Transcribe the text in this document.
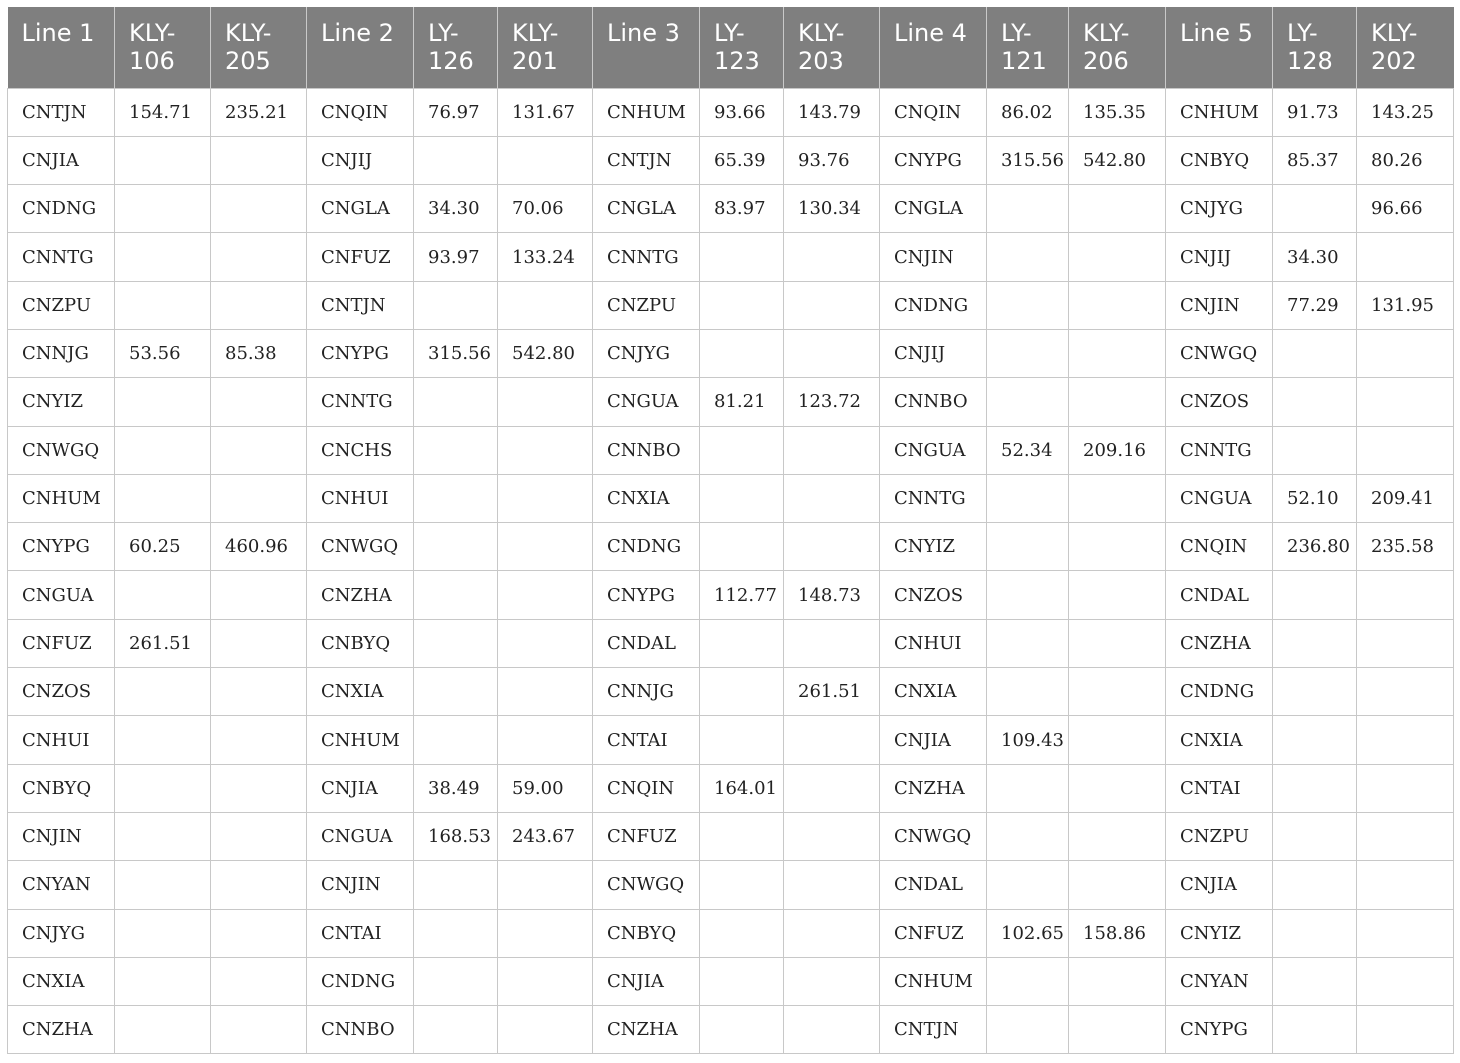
Line 1	KLY-106	KLY-205	Line 2	LY-126	KLY-201	Line 3	LY-123	KLY-203	Line 4	LY-121	KLY-206	Line 5	LY-128	KLY-202
CNTJN	154.71	235.21	CNQIN	76.97	131.67	CNHUM	93.66	143.79	CNQIN	86.02	135.35	CNHUM	91.73	143.25
CNJIA			CNJIJ			CNTJN	65.39	93.76	CNYPG	315.56	542.80	CNBYQ	85.37	80.26
CNDNG			CNGLA	34.30	70.06	CNGLA	83.97	130.34	CNGLA			CNJYG		96.66
CNNTG			CNFUZ	93.97	133.24	CNNTG			CNJIN			CNJIJ	34.30	
CNZPU			CNTJN			CNZPU			CNDNG			CNJIN	77.29	131.95
CNNJG	53.56	85.38	CNYPG	315.56	542.80	CNJYG			CNJIJ			CNWGQ		
CNYIZ			CNNTG			CNGUA	81.21	123.72	CNNBO			CNZOS		
CNWGQ			CNCHS			CNNBO			CNGUA	52.34	209.16	CNNTG		
CNHUM			CNHUI			CNXIA			CNNTG			CNGUA	52.10	209.41
CNYPG	60.25	460.96	CNWGQ			CNDNG			CNYIZ			CNQIN	236.80	235.58
CNGUA			CNZHA			CNYPG	112.77	148.73	CNZOS			CNDAL		
CNFUZ	261.51		CNBYQ			CNDAL			CNHUI			CNZHA		
CNZOS			CNXIA			CNNJG		261.51	CNXIA			CNDNG		
CNHUI			CNHUM			CNTAI			CNJIA	109.43		CNXIA		
CNBYQ			CNJIA	38.49	59.00	CNQIN	164.01		CNZHA			CNTAI		
CNJIN			CNGUA	168.53	243.67	CNFUZ			CNWGQ			CNZPU		
CNYAN			CNJIN			CNWGQ			CNDAL			CNJIA		
CNJYG			CNTAI			CNBYQ			CNFUZ	102.65	158.86	CNYIZ		
CNXIA			CNDNG			CNJIA			CNHUM			CNYAN		
CNZHA			CNNBO			CNZHA			CNTJN			CNYPG		
